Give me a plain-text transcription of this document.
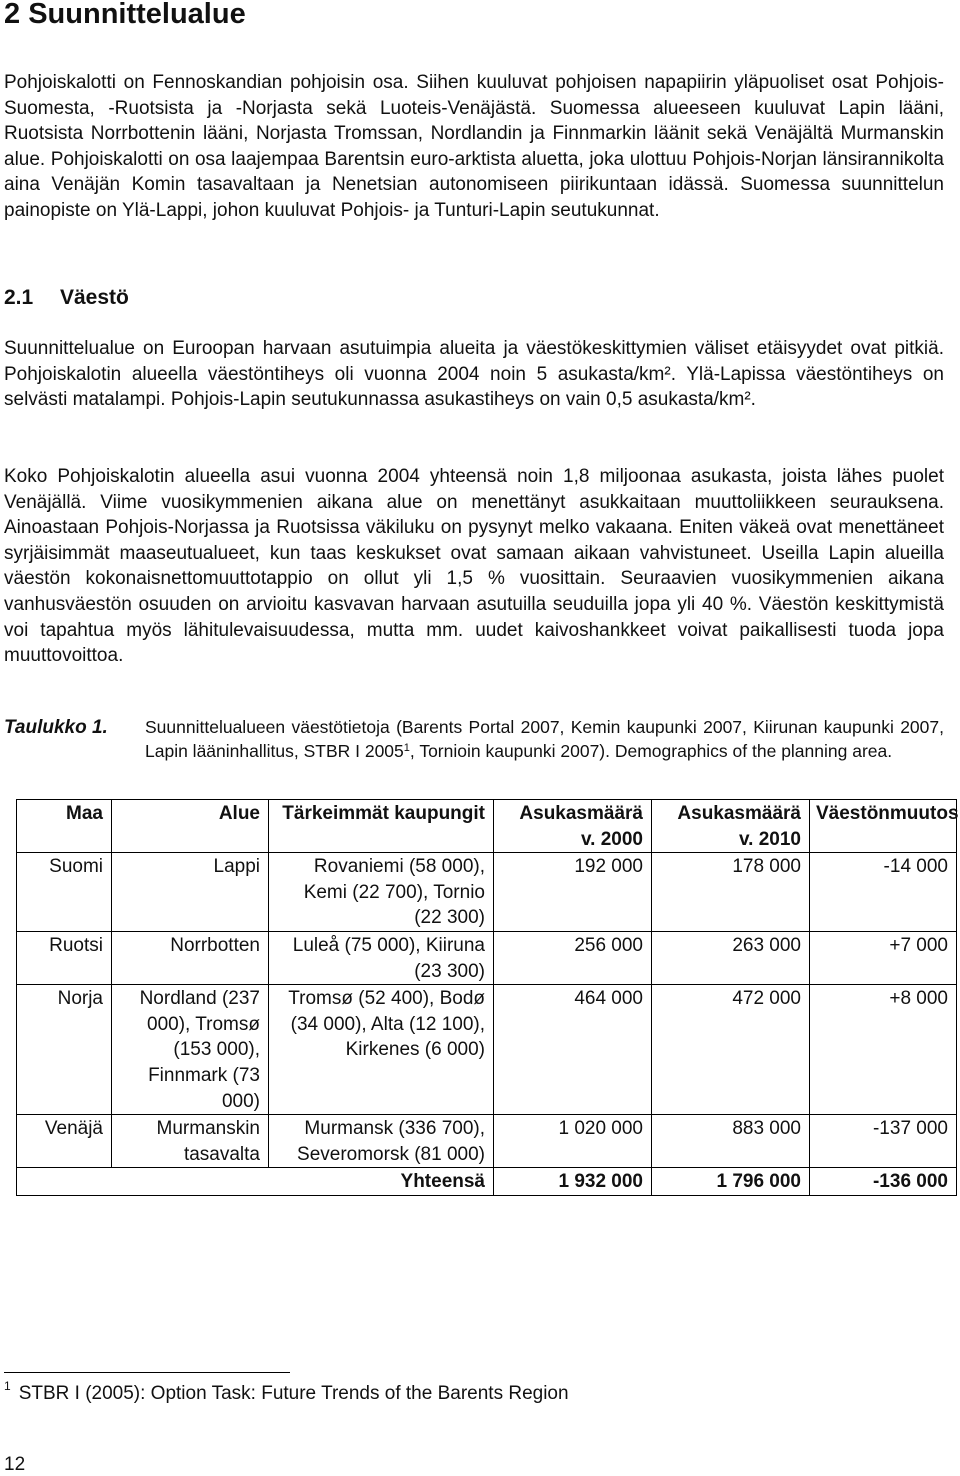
2 Suunnittelualue

Pohjoiskalotti on Fennoskandian pohjoisin osa. Siihen kuuluvat pohjoisen napapiirin yläpuoliset osat Pohjois-Suomesta, -Ruotsista ja -Norjasta sekä Luoteis-Venäjästä. Suomessa alueeseen kuuluvat Lapin lääni, Ruotsista Norrbottenin lääni, Norjasta Tromssan, Nordlandin ja Finnmarkin läänit sekä Venäjältä Murmanskin alue. Pohjoiskalotti on osa laajempaa Barentsin euro-arktista aluetta, joka ulottuu Pohjois-Norjan länsirannikolta aina Venäjän Komin tasavaltaan ja Nenetsian autonomiseen piirikuntaan idässä. Suomessa suunnittelun painopiste on Ylä-Lappi, johon kuuluvat Pohjois- ja Tunturi-Lapin seutukunnat.

2.1 Väestö

Suunnittelualue on Euroopan harvaan asutuimpia alueita ja väestökeskittymien väliset etäisyydet ovat pitkiä. Pohjoiskalotin alueella väestöntiheys oli vuonna 2004 noin 5 asukasta/km². Ylä-Lapissa väestöntiheys on selvästi matalampi. Pohjois-Lapin seutukunnassa asukastiheys on vain 0,5 asukasta/km².

Koko Pohjoiskalotin alueella asui vuonna 2004 yhteensä noin 1,8 miljoonaa asukasta, joista lähes puolet Venäjällä. Viime vuosikymmenien aikana alue on menettänyt asukkaitaan muuttoliikkeen seurauksena. Ainoastaan Pohjois-Norjassa ja Ruotsissa väkiluku on pysynyt melko vakaana. Eniten väkeä ovat menettäneet syrjäisimmät maaseutualueet, kun taas keskukset ovat samaan aikaan vahvistuneet. Useilla Lapin alueilla väestön kokonaisnettomuuttotappio on ollut yli 1,5 % vuosittain. Seuraavien vuosikymmenien aikana vanhusväestön osuuden on arvioitu kasvavan harvaan asutuilla seuduilla jopa yli 40 %. Väestön keskittymistä voi tapahtua myös lähitulevaisuudessa, mutta mm. uudet kaivoshankkeet voivat paikallisesti tuoda jopa muuttovoittoa.

Taulukko 1. Suunnittelualueen väestötietoja (Barents Portal 2007, Kemin kaupunki 2007, Kiirunan kaupunki 2007, Lapin lääninhallitus, STBR I 2005$^1$, Tornioin kaupunki 2007). Demographics of the planning area.
Maa	Alue	Tärkeimmät kaupungit	Asukasmäärä v. 2000	Asukasmäärä v. 2010	Väestönmuutos
Suomi	Lappi	Rovaniemi (58 000), Kemi (22 700), Tornio (22 300)	192 000	178 000	-14 000
Ruotsi	Norrbotten	Luleå (75 000), Kiiruna (23 300)	256 000	263 000	+7 000
Norja	Nordland (237 000), Tromsø (153 000), Finnmark (73 000)	Tromsø (52 400), Bodø (34 000), Alta (12 100), Kirkenes (6 000)	464 000	472 000	+8 000
Venäjä	Murmanskin tasavalta	Murmansk (336 700), Severomorsk (81 000)	1 020 000	883 000	-137 000
		Yhteensä	1 932 000	1 796 000	-136 000
$^1$ STBR I (2005): Option Task: Future Trends of the Barents Region
12
